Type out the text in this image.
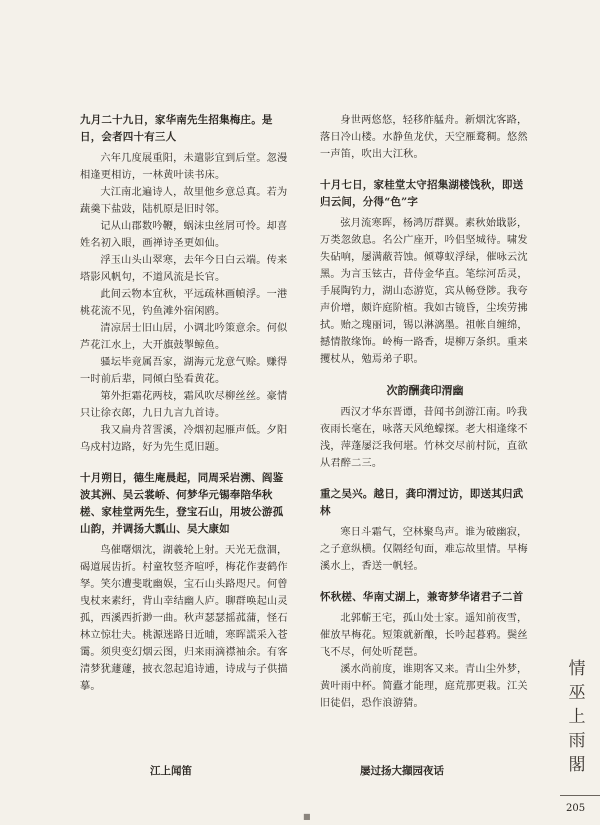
九月二十九日，家华南先生招集梅庄。是日，会者四十有三人

六年几度展重阳，未遣影宜到后堂。忽漫相逢更相访，一林黄叶读书床。

大江南北遍诗人，故里他乡意总真。若为蔬羹下盐豉，陆机原是旧时邻。

记从山郡数吟鞭，蜗沫虫丝屑可怜。却喜姓名初入眼，画禅诗圣更如仙。

浮玉山头山翠寒，去年今日白云端。传来塔影风帆句，不道风流是长官。

此间云物本宜秋，平远疏林画幀浮。一港桃花流不见，钓鱼滩外宿闲鸥。

清凉居士旧山居，小调北吟策意余。何似芦花江水上，大开旗鼓掣鲸鱼。

骚坛毕竟属吾家，湖海元龙意气赊。赚得一时前后辈，同倾白坠看黄花。

第外拒霜花两枝，霜风吹尽柳丝丝。豪情只让徐衣郎，九日九言九首诗。

我又扁舟苕霅溪，冷烟初起雁声低。夕阳乌戍村边路，好为先生觅旧题。

十月朔日，德生庵晨起，同周采岩溯、阎鉴波其洲、吴云裳峤、何梦华元锡奉陪华秋槎、家桂堂两先生，登宝石山，用坡公游孤山韵，并调扬大瓢山、吴大康如

鸟催曙烟沈，湖羲轮上射。天光无盘涸，碣道展齿折。村童牧竖齐喧呼，梅花作妻鹤作孥。笑尔遭斐耽幽娱，宝石山头路咫尺。何曾曳杖来素纡，背山幸结幽人庐。聊群唤起山灵孤，西溪西折渺一曲。秋声瑟瑟摇菰蒲，怪石林立惊壮夫。桃源迷路日近晡，寒晖謊采入苍霭。须臾变幻烟云图，归来雨滴襟袖余。有客清梦犹蘧蘧，披衣忽起追诗逋，诗成与子供描摹。

身世两悠悠，轻移舴艋舟。新烟沈客路，落日冷山楼。水静鱼龙伏，天空雁鹜稠。悠然一声笛，吹出大江秋。

十月七日，家桂堂太守招集湖楼饯秋，即送归云间，分得“色”字

弦月流寒晖，杨鸿厉群翼。素秋始戢影，万类忽敛息。名公广座开，吟侣坚城待。啸发失砧响，屡满蔽苔蚀。倾尊蚁浮绿，催咏云沈黑。为言玉铉古，昔侍金华直。笔综河岳灵，手展陶钓力，湖山态游览，宾从畅登陟。我夸声价增，颇许庭阶植。我如古镜昏，尘埃劳拂拭。贻之瑰丽词，锡以淋漓墨。祖帐自缠绵，撼情散缘饰。岭梅一路香，堤柳万条织。重来攫杖从，勉焉弟子职。

次韵酬龚印渭幽

西汉才华东晋谭，昔闻书剑游江南。吟我夜雨长毫在，咏落天风绝蠓探。老大相逢缘不浅，萍蓬屡泛我何堪。竹林交尽前村阮，直欲从君醉二三。

重之吴兴。越日，龚印渭过访，即送其归武林

寒日斗霜气，空林聚鸟声。谁为破幽寂，之子意纵横。仅隔经旬面，难忘故里情。早梅溪水上，香送一帆轻。

怀秋槎、华南丈湖上，兼寄梦华诸君子二首

北郭蘄王宅，孤山处士家。遥知前夜雪，催放早梅花。短策就新酿，长吟起暮鸦。鬓丝飞不尽，何处听琵琶。

溪水尚前度，谁期客又来。青山尘外梦，黄叶雨中杯。简蠹才能理，庭荒那更栽。江关旧徒侣，恐作浪游猜。

江上闻笛	屡过扬大擷园夜话
情
巫
上
雨
閣
205
■
